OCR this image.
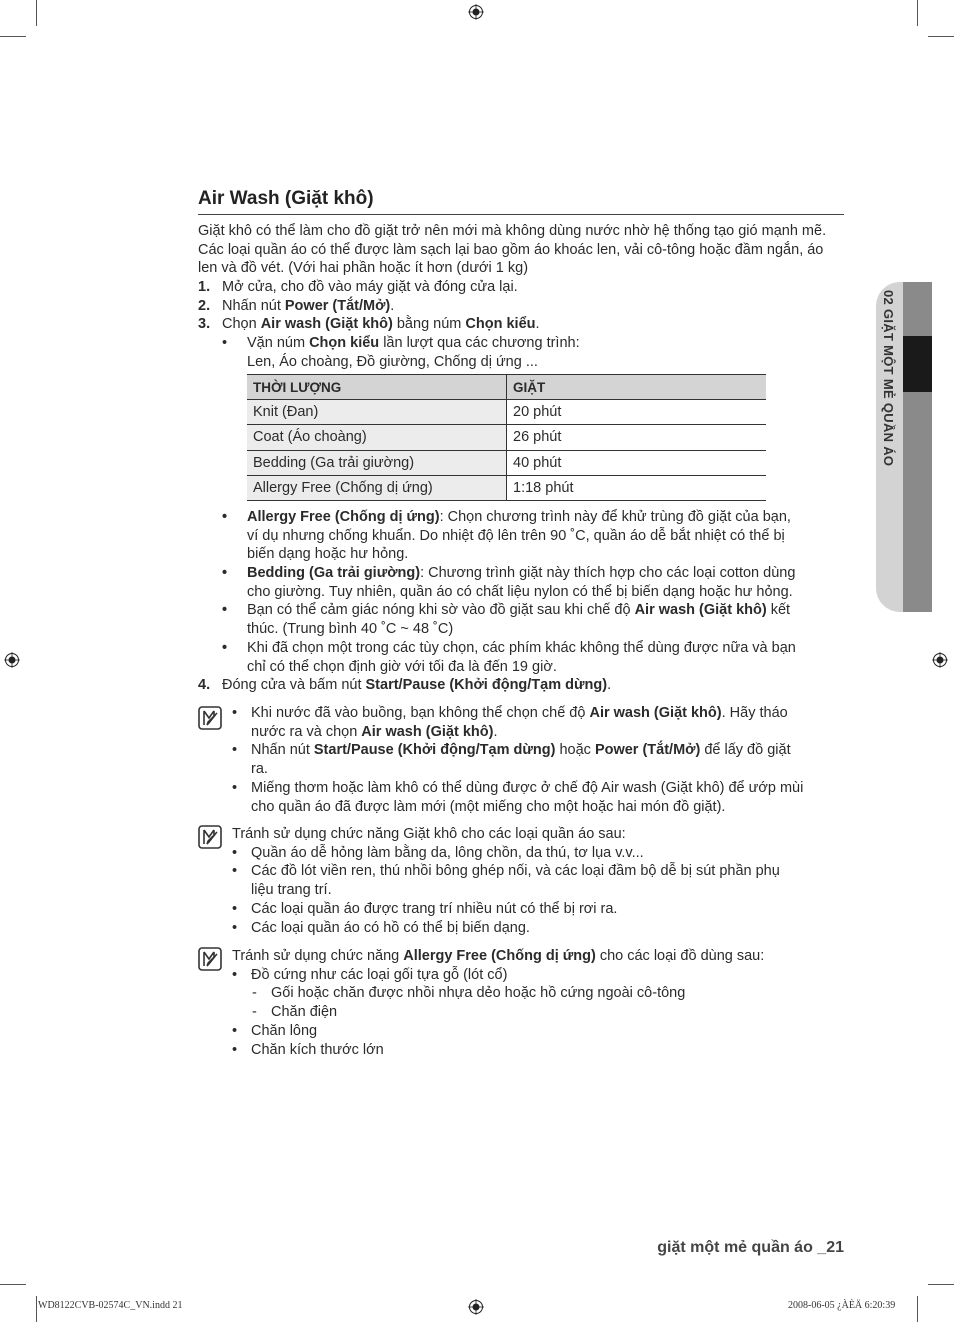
02 GIẶT MỘT MẺ QUẦN ÁO
Air Wash (Giặt khô)
Giặt khô có thể làm cho đồ giặt trở nên mới mà không dùng nước nhờ hệ thống tạo gió mạnh mẽ. Các loại quần áo có thể được làm sạch lại bao gồm áo khoác len, vải cô-tông hoặc đầm ngắn, áo len và đồ vét. (Với hai phần hoặc ít hơn (dưới 1 kg)
1. Mở cửa, cho đồ vào máy giặt và đóng cửa lại.
2. Nhấn nút Power (Tắt/Mở).
3. Chọn Air wash (Giặt khô) bằng núm Chọn kiểu.
• Vặn núm Chọn kiểu lần lượt qua các chương trình:
Len, Áo choàng, Đồ giường, Chống dị ứng ...
THỜI LƯỢNG	GIẶT
Knit (Đan)	20 phút
Coat (Áo choàng)	26 phút
Bedding (Ga trải giường)	40 phút
Allergy Free (Chống dị ứng)	1:18 phút
• Allergy Free (Chống dị ứng): Chọn chương trình này để khử trùng đồ giặt của bạn,
ví dụ nhưng chống khuẩn. Do nhiệt độ lên trên 90 ˚C, quần áo dễ bắt nhiệt có thể bị
biến dạng hoặc hư hỏng.
• Bedding (Ga trải giường): Chương trình giặt này thích hợp cho các loại cotton dùng
cho giường. Tuy nhiên, quần áo có chất liệu nylon có thể bị biến dạng hoặc hư hỏng.
• Bạn có thể cảm giác nóng khi sờ vào đồ giặt sau khi chế độ Air wash (Giặt khô) kết
thúc. (Trung bình 40 ˚C ~ 48 ˚C)
• Khi đã chọn một trong các tùy chọn, các phím khác không thể dùng được nữa và bạn
chỉ có thể chọn định giờ với tối đa là đến 19 giờ.
4. Đóng cửa và bấm nút Start/Pause (Khởi động/Tạm dừng).
• Khi nước đã vào buồng, bạn không thể chọn chế độ Air wash (Giặt khô). Hãy tháo
nước ra và chọn Air wash (Giặt khô).
• Nhấn nút Start/Pause (Khởi động/Tạm dừng) hoặc Power (Tắt/Mở) để lấy đồ giặt
ra.
• Miếng thơm hoặc làm khô có thể dùng được ở chế độ Air wash (Giặt khô) để ướp mùi
cho quần áo đã được làm mới (một miếng cho một hoặc hai món đồ giặt).
Tránh sử dụng chức năng Giặt khô cho các loại quần áo sau:
• Quần áo dễ hỏng làm bằng da, lông chồn, da thú, tơ lụa v.v...
• Các đồ lót viền ren, thú nhồi bông ghép nối, và các loại đầm bộ dễ bị sút phần phụ
liệu trang trí.
• Các loại quần áo được trang trí nhiều nút có thể bị rơi ra.
• Các loại quần áo có hồ có thể bị biến dạng.
Tránh sử dụng chức năng Allergy Free (Chống dị ứng) cho các loại đồ dùng sau:
• Đồ cứng như các loại gối tựa gỗ (lót cổ)
- Gối hoặc chăn được nhồi nhựa dẻo hoặc hồ cứng ngoài cô-tông
- Chăn điện
• Chăn lông
• Chăn kích thước lớn
giặt một mẻ quần áo _21
WD8122CVB-02574C_VN.indd 21	2008-06-05 ¿ÀÈÄ 6:20:39
